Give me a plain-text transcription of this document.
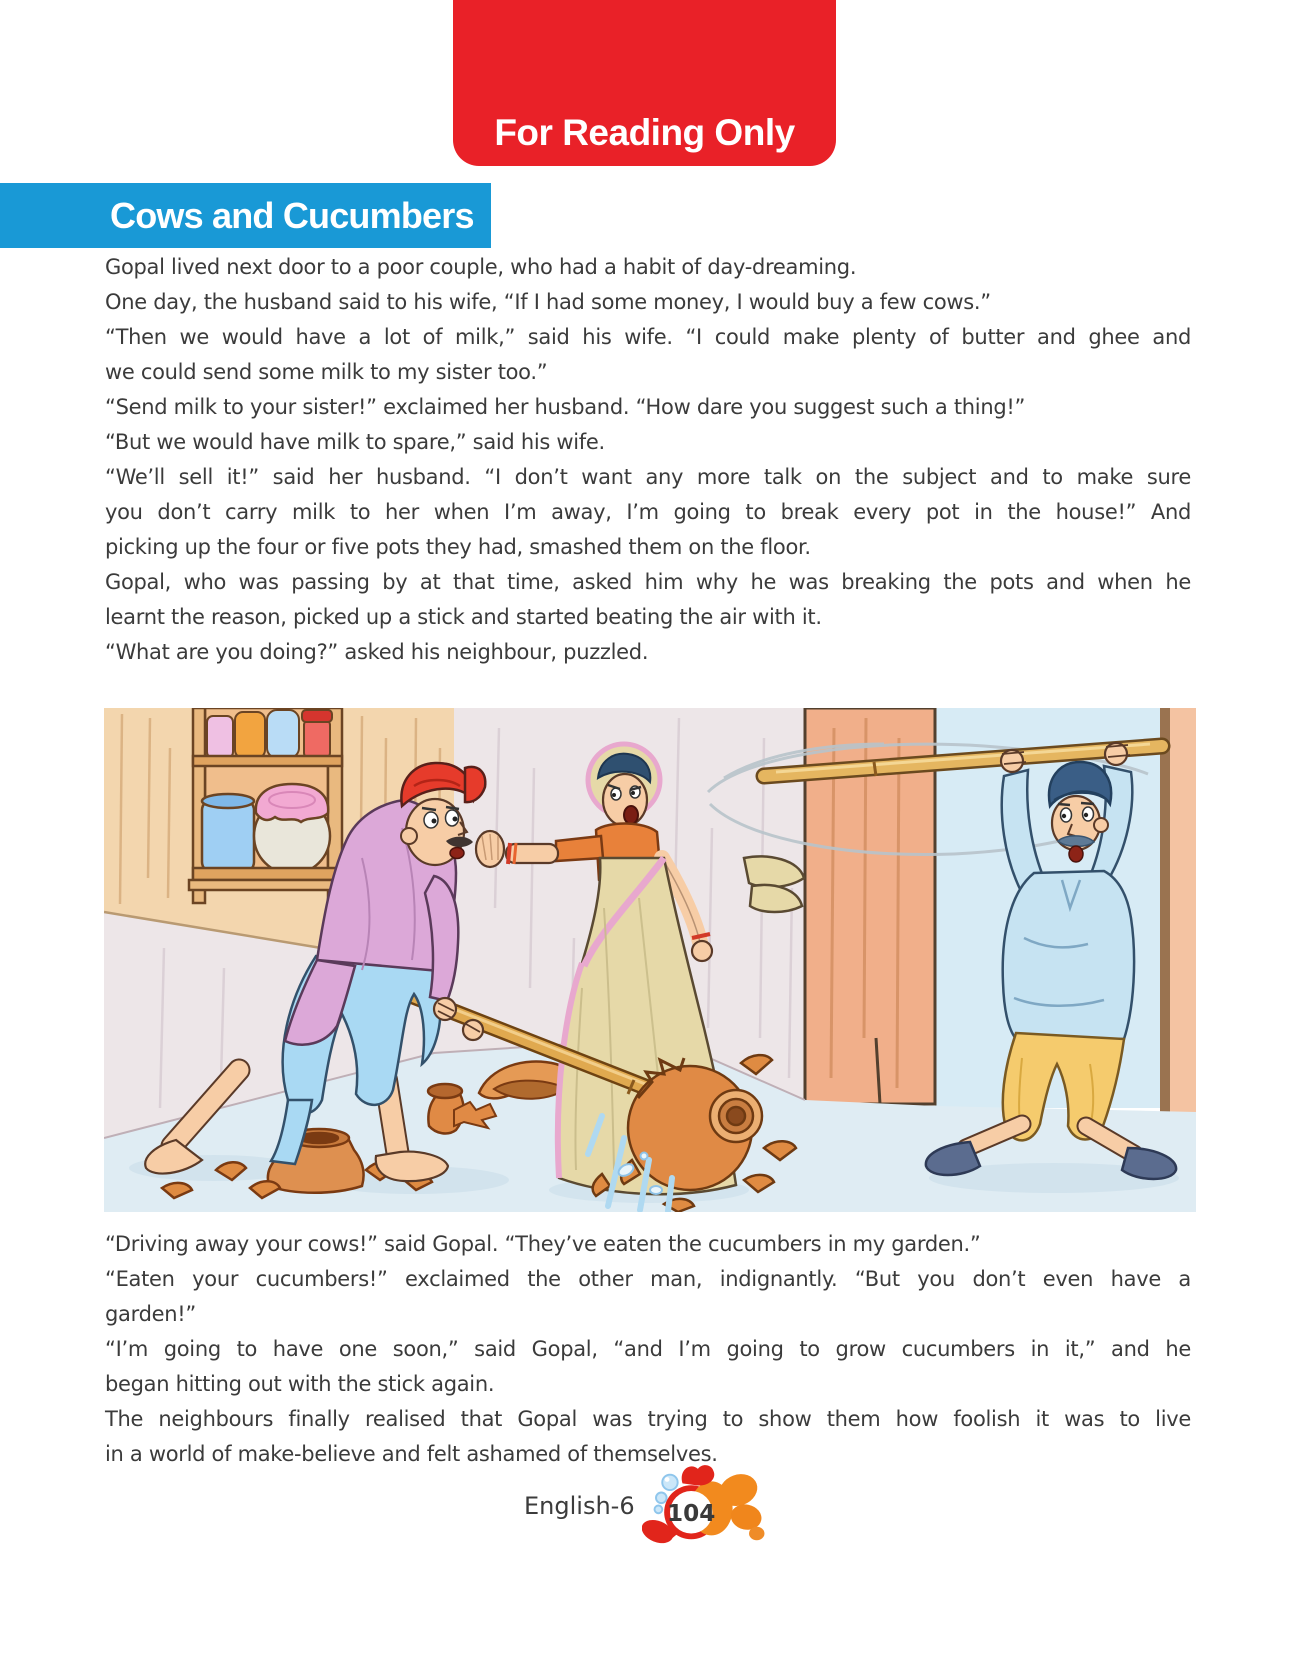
For Reading Only
Cows and Cucumbers
Gopal lived next door to a poor couple, who had a habit of day-dreaming.
One day, the husband said to his wife, “If I had some money, I would buy a few cows.”
“Then we would have a lot of milk,” said his wife. “I could make plenty of butter and ghee and
we could send some milk to my sister too.”
“Send milk to your sister!” exclaimed her husband. “How dare you suggest such a thing!”
“But we would have milk to spare,” said his wife.
“We’ll sell it!” said her husband. “I don’t want any more talk on the subject and to make sure
you don’t carry milk to her when I’m away, I’m going to break every pot in the house!” And
picking up the four or five pots they had, smashed them on the floor.
Gopal, who was passing by at that time, asked him why he was breaking the pots and when he
learnt the reason, picked up a stick and started beating the air with it.
“What are you doing?” asked his neighbour, puzzled.
“Driving away your cows!” said Gopal. “They’ve eaten the cucumbers in my garden.”
“Eaten your cucumbers!” exclaimed the other man, indignantly. “But you don’t even have a
garden!”
“I’m going to have one soon,” said Gopal, “and I’m going to grow cucumbers in it,” and he
began hitting out with the stick again.
The neighbours finally realised that Gopal was trying to show them how foolish it was to live
in a world of make-believe and felt ashamed of themselves.
English-6 104
